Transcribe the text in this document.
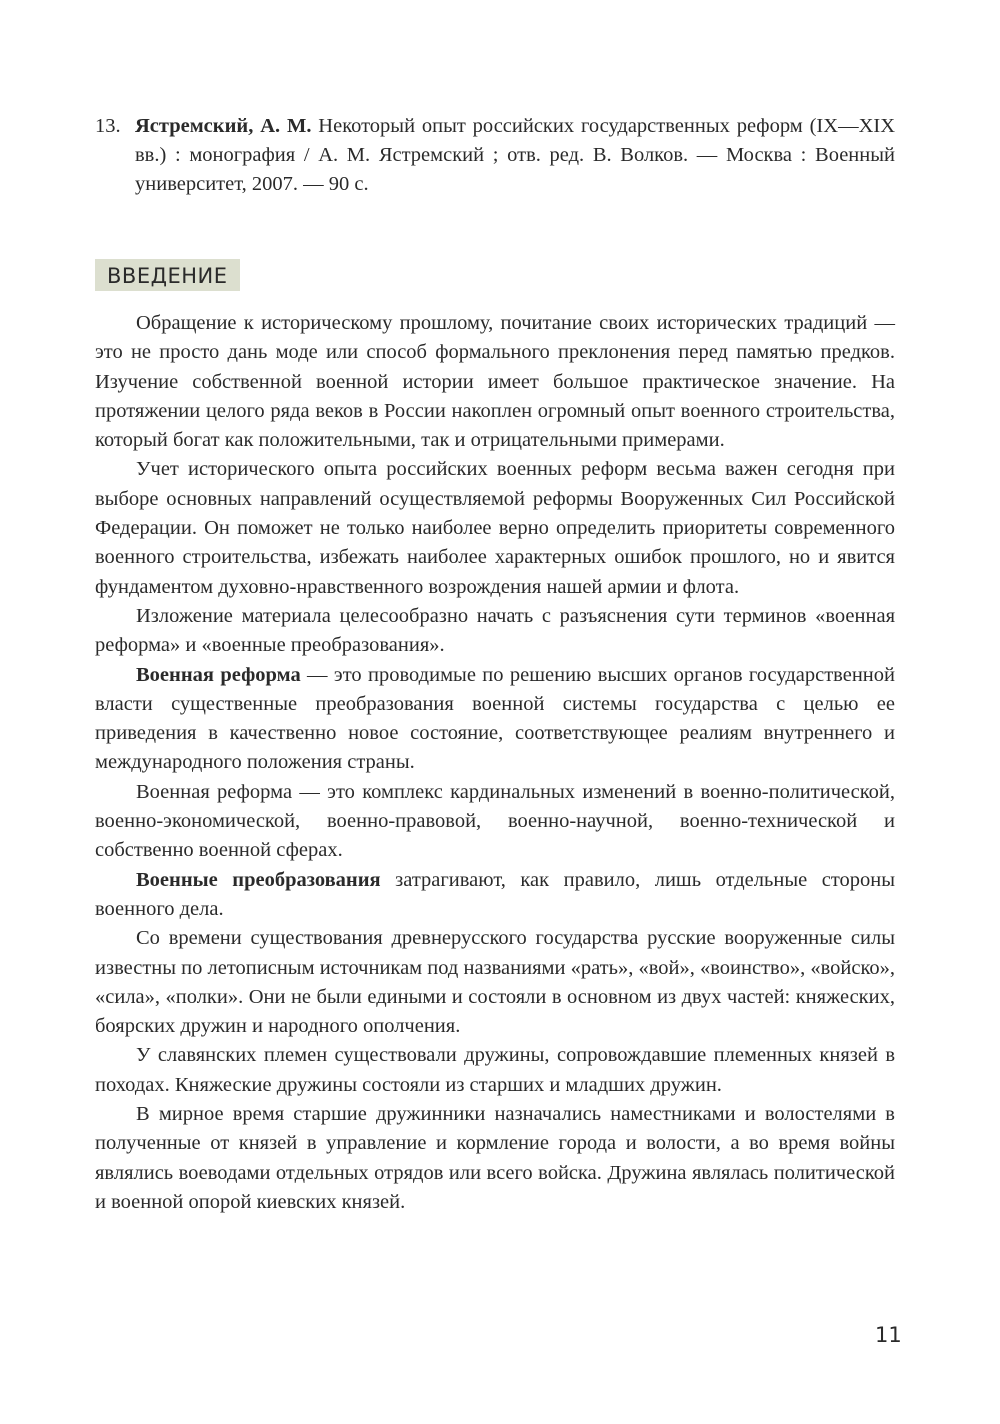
13. Ястремский, А. М. Некоторый опыт российских государственных реформ (IX—XIX вв.) : монография / А. М. Ястремский ; отв. ред. В. Волков. — Москва : Военный университет, 2007. — 90 с.
ВВЕДЕНИЕ

Обращение к историческому прошлому, почитание своих исторических традиций — это не просто дань моде или способ формального преклонения перед памятью предков. Изучение собственной военной истории имеет большое практическое значение. На протяжении целого ряда веков в России накоплен огромный опыт военного строительства, который богат как положительными, так и отрицательными примерами.

Учет исторического опыта российских военных реформ весьма важен сегодня при выборе основных направлений осуществляемой реформы Вооруженных Сил Российской Федерации. Он поможет не только наиболее верно определить приоритеты современного военного строительства, избежать наиболее характерных ошибок прошлого, но и явится фундаментом духовно-нравственного возрождения нашей армии и флота.

Изложение материала целесообразно начать с разъяснения сути терминов «военная реформа» и «военные преобразования».

Военная реформа — это проводимые по решению высших органов государственной власти существенные преобразования военной системы государства с целью ее приведения в качественно новое состояние, соответствующее реалиям внутреннего и международного положения страны.

Военная реформа — это комплекс кардинальных изменений в военно-политической, военно-экономической, военно-правовой, военно-научной, военно-технической и собственно военной сферах.

Военные преобразования затрагивают, как правило, лишь отдельные стороны военного дела.

Со времени существования древнерусского государства русские вооруженные силы известны по летописным источникам под названиями «рать», «вой», «воинство», «войско», «сила», «полки». Они не были едиными и состояли в основном из двух частей: княжеских, боярских дружин и народного ополчения.

У славянских племен существовали дружины, сопровождавшие племенных князей в походах. Княжеские дружины состояли из старших и младших дружин.

В мирное время старшие дружинники назначались наместниками и волостелями в полученные от князей в управление и кормление города и волости, а во время войны являлись воеводами отдельных отрядов или всего войска. Дружина являлась политической и военной опорой киевских князей.

11
